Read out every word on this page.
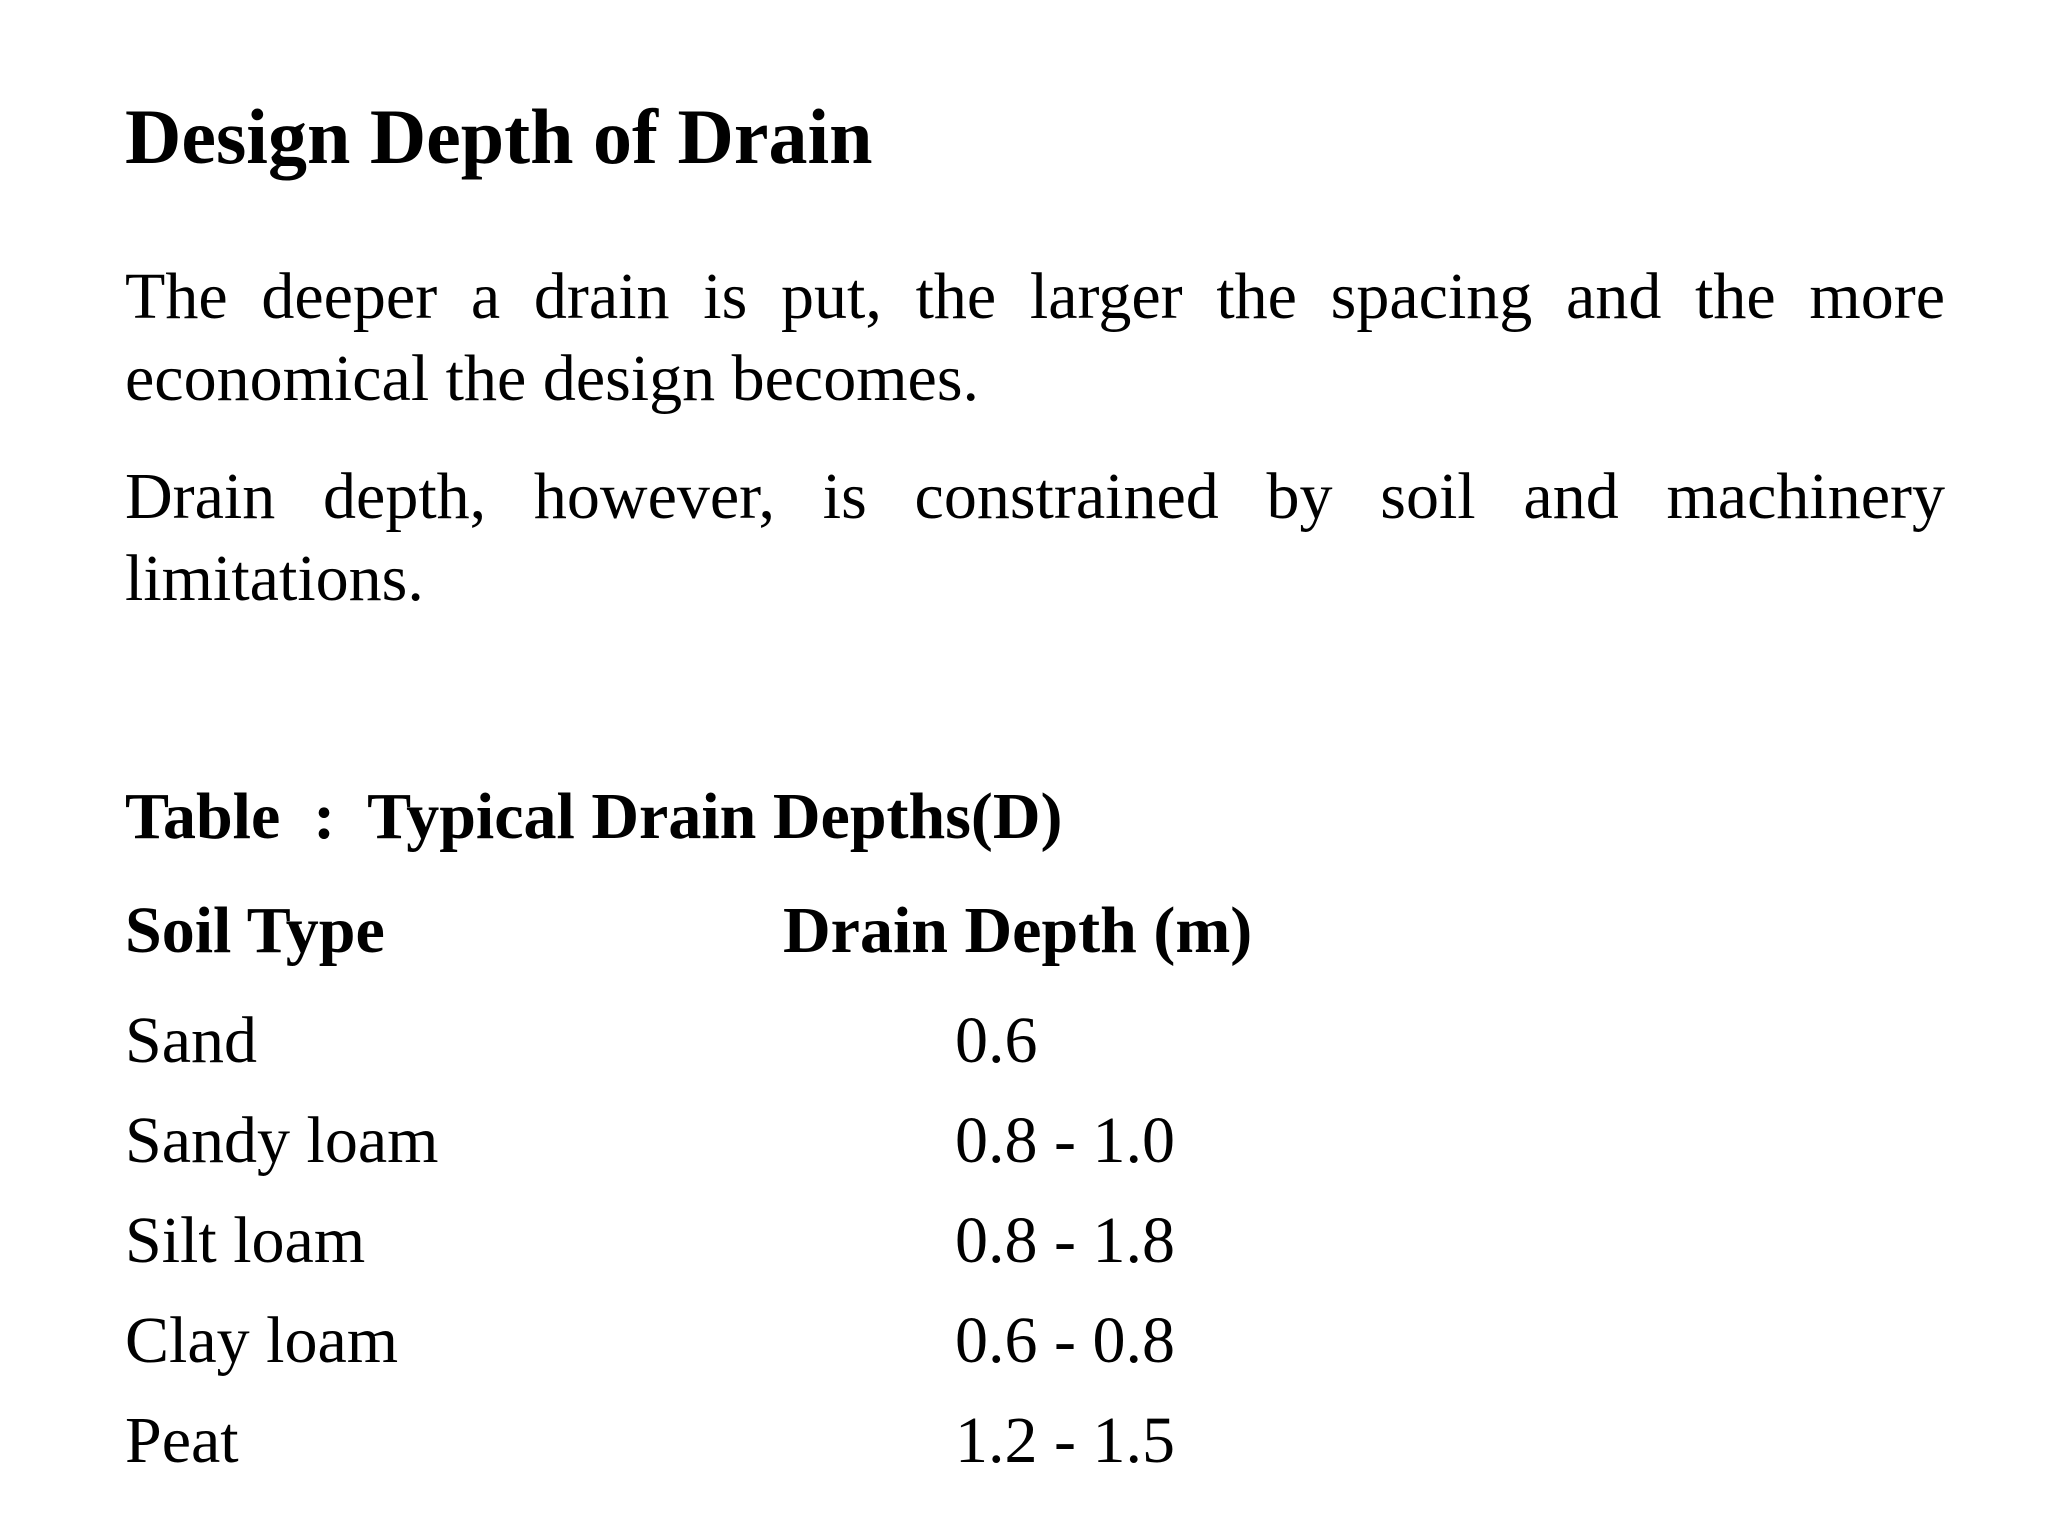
Design Depth of Drain

The deeper a drain is put, the larger the spacing and the more economical the design becomes.

Drain depth, however, is constrained by soil and machinery limitations.

Table  :  Typical Drain Depths(D)
Soil Type	Drain Depth (m)
Sand	0.6
Sandy loam	0.8 - 1.0
Silt loam	0.8 - 1.8
Clay loam	0.6 - 0.8
Peat	1.2 - 1.5
